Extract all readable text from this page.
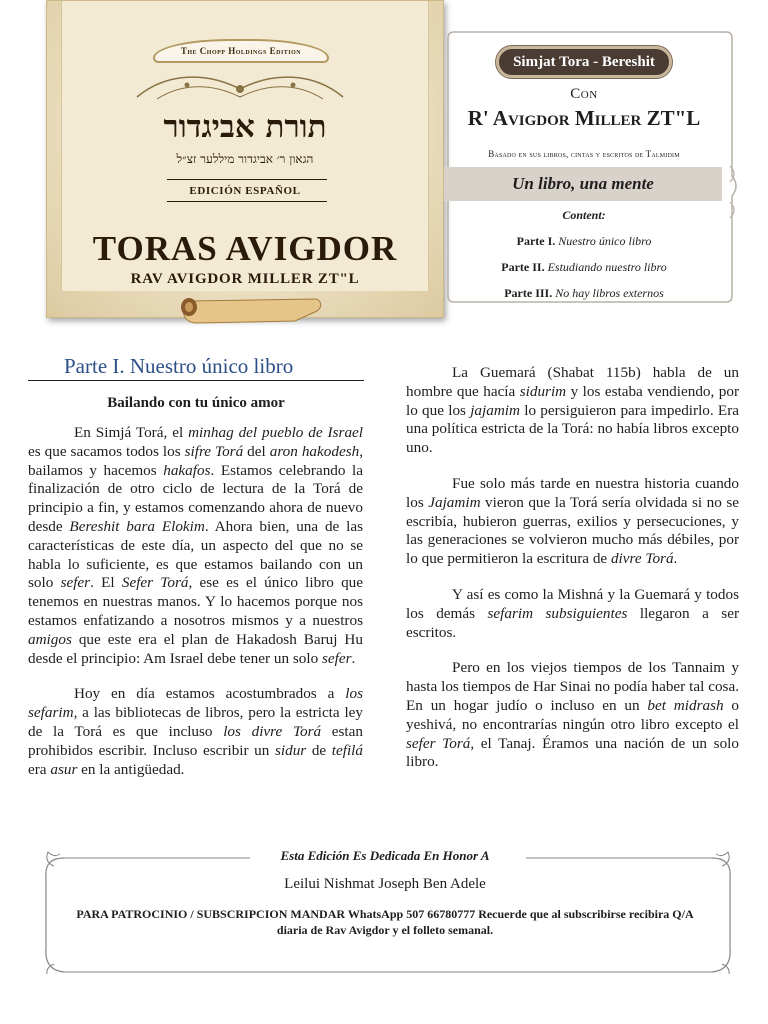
The Chopp Holdings Edition
תורת אביגדור
הגאון ר׳ אביגדור מיללער זצ״ל
EDICIÓN ESPAÑOL
TORAS AVIGDOR
RAV AVIGDOR MILLER ZT"L
Simjat Tora - Bereshit
Con
R' Avigdor Miller ZT"L
Basado en sus libros, cintas y escritos de Talmidim
Un libro, una mente
Content:
Parte I. Nuestro único libro
Parte II. Estudiando nuestro libro
Parte III. No hay libros externos
Parte I. Nuestro único libro
Bailando con tu único amor

En Simjá Torá, el minhag del pueblo de Israel es que sacamos todos los sifre Torá del aron hakodesh, bailamos y hacemos hakafos. Estamos celebrando la finalización de otro ciclo de lectura de la Torá de principio a fin, y estamos comenzando ahora de nuevo desde Bereshit bara Elokim. Ahora bien, una de las características de este día, un aspecto del que no se habla lo suficiente, es que estamos bailando con un solo sefer. El Sefer Torá, ese es el único libro que tenemos en nuestras manos. Y lo hacemos porque nos estamos enfatizando a nosotros mismos y a nuestros amigos que este era el plan de Hakadosh Baruj Hu desde el principio: Am Israel debe tener un solo sefer.

Hoy en día estamos acostumbrados a los sefarim, a las bibliotecas de libros, pero la estricta ley de la Torá es que incluso los divre Torá estan prohibidos escribir. Incluso escribir un sidur de tefilá era asur en la antigüedad.

La Guemará (Shabat 115b) habla de un hombre que hacía sidurim y los estaba vendiendo, por lo que los jajamim lo persiguieron para impedirlo. Era una política estricta de la Torá: no había libros excepto uno.

Fue solo más tarde en nuestra historia cuando los Jajamim vieron que la Torá sería olvidada si no se escribía, hubieron guerras, exilios y persecuciones, y las generaciones se volvieron mucho más débiles, por lo que permitieron la escritura de divre Torá.

Y así es como la Mishná y la Guemará y todos los demás sefarim subsiguientes llegaron a ser escritos.

Pero en los viejos tiempos de los Tannaim y hasta los tiempos de Har Sinai no podía haber tal cosa. En un hogar judío o incluso en un bet midrash o yeshivá, no encontrarías ningún otro libro excepto el sefer Torá, el Tanaj. Éramos una nación de un solo libro.

Esta Edición Es Dedicada En Honor A
Leilui Nishmat Joseph Ben Adele
PARA PATROCINIO / SUBSCRIPCION MANDAR WhatsApp 507 66780777 Recuerde que al subscribirse recibira Q/A diaria de Rav Avigdor y el folleto semanal.
